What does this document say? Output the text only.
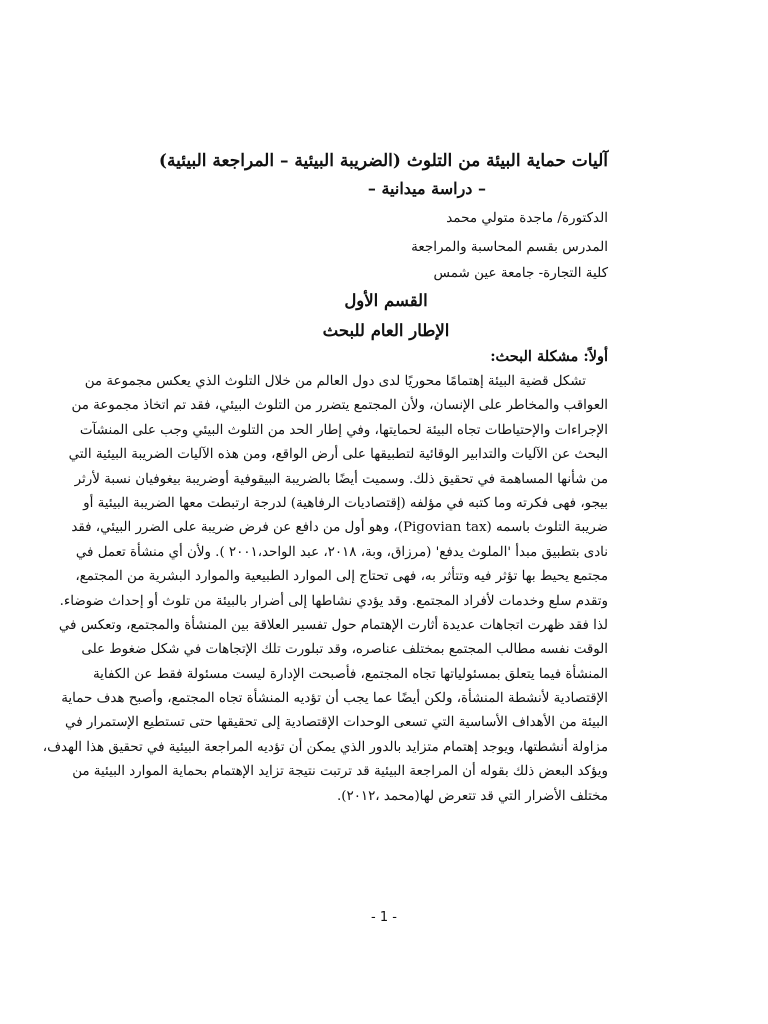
آليات حماية البيئة من التلوث (الضريبة البيئية – المراجعة البيئية)
– دراسة ميدانية –
الدكتورة/ ماجدة متولي محمد
المدرس بقسم المحاسبة والمراجعة
كلية التجارة- جامعة عين شمس
القسم الأول
الإطار العام للبحث
أولاً: مشكلة البحث:
تشكل قضية البيئة إهتمامًا محوريًا لدى دول العالم من خلال التلوث الذي يعكس مجموعة من
العواقب والمخاطر على الإنسان، ولأن المجتمع يتضرر من التلوث البيئي، فقد تم اتخاذ مجموعة من
الإجراءات والإحتياطات تجاه البيئة لحمايتها، وفي إطار الحد من التلوث البيئي وجب على المنشآت
البحث عن الآليات والتدابير الوقائية لتطبيقها على أرض الواقع، ومن هذه الآليات الضريبة البيئية التي
من شأنها المساهمة في تحقيق ذلك. وسميت أيضًا بالضريبة البيقوفية أوضريبة بيغوفيان نسبة لأرثر
بيجو، فهى فكرته وما كتبه في مؤلفه (إقتصاديات الرفاهية) لدرجة ارتبطت معها الضريبة البيئية أو
ضريبة التلوث باسمه (Pigovian tax)، وهو أول من دافع عن فرض ضريبة على الضرر البيئي، فقد
نادى بتطبيق مبدأ 'الملوث يدفع' (مرزاق، وبة، ٢٠١٨، عبد الواحد،٢٠٠١ ). ولأن أي منشأة تعمل في
مجتمع يحيط بها تؤثر فيه وتتأثر به، فهى تحتاج إلى الموارد الطبيعية والموارد البشرية من المجتمع،
وتقدم سلع وخدمات لأفراد المجتمع. وقد يؤدي نشاطها إلى أضرار بالبيئة من تلوث أو إحداث ضوضاء.
لذا فقد ظهرت اتجاهات عديدة أثارت الإهتمام حول تفسير العلاقة بين المنشأة والمجتمع، وتعكس في
الوقت نفسه مطالب المجتمع بمختلف عناصره، وقد تبلورت تلك الإتجاهات في شكل ضغوط على
المنشأة فيما يتعلق بمسئولياتها تجاه المجتمع، فأصبحت الإدارة ليست مسئولة فقط عن الكفاية
الإقتصادية لأنشطة المنشأة، ولكن أيضًا عما يجب أن تؤديه المنشأة تجاه المجتمع، وأصبح هدف حماية
البيئة من الأهداف الأساسية التي تسعى الوحدات الإقتصادية إلى تحقيقها حتى تستطيع الإستمرار في
مزاولة أنشطتها، ويوجد إهتمام متزايد بالدور الذي يمكن أن تؤديه المراجعة البيئية في تحقيق هذا الهدف،
ويؤكد البعض ذلك بقوله أن المراجعة البيئية قد ترتبت نتيجة تزايد الإهتمام بحماية الموارد البيئية من
مختلف الأضرار التي قد تتعرض لها(محمد ،٢٠١٢).
- 1 -
